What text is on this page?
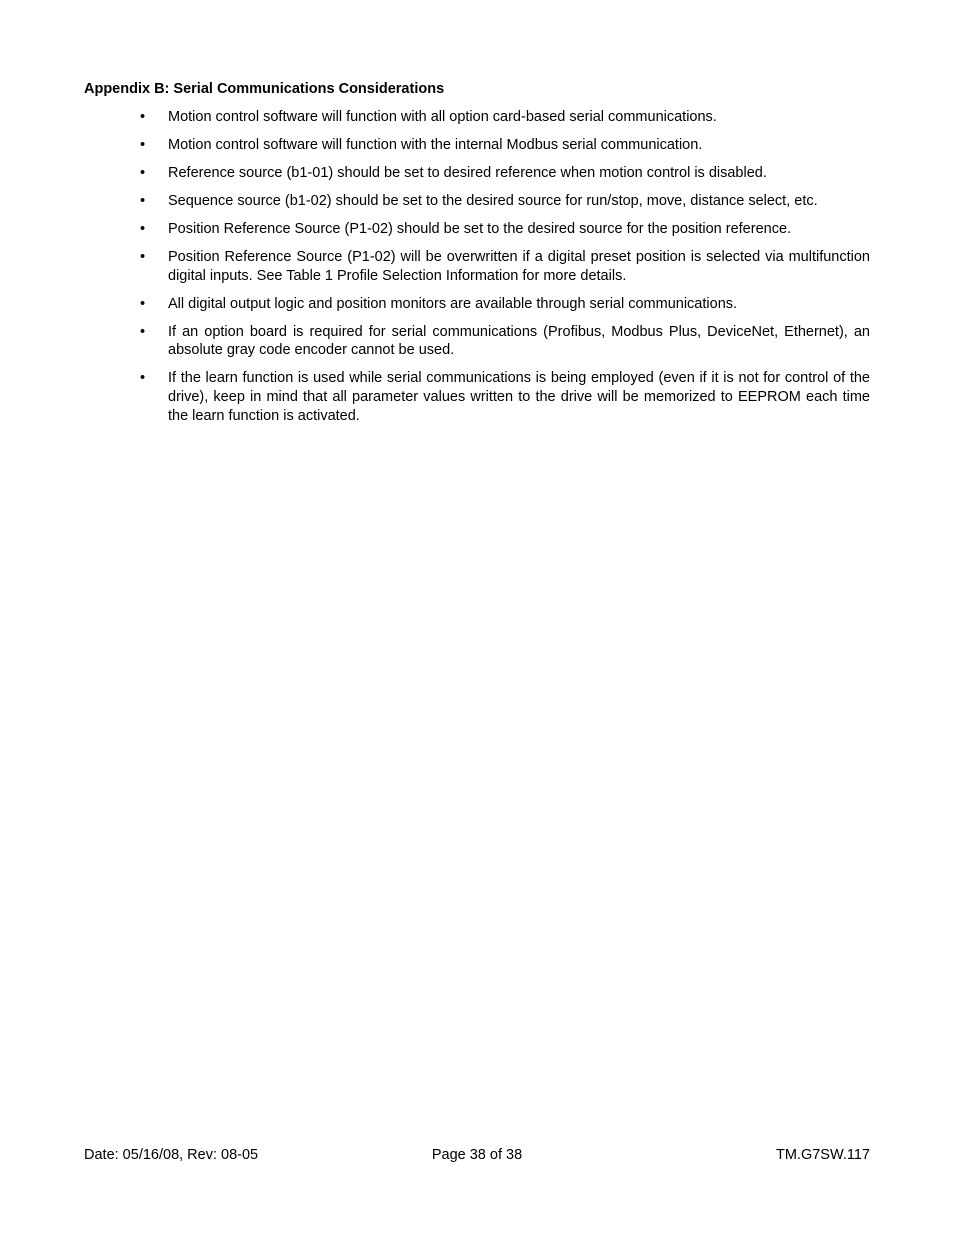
Appendix B: Serial Communications Considerations
•	Motion control software will function with all option card-based serial communications.
•	Motion control software will function with the internal Modbus serial communication.
•	Reference source (b1-01) should be set to desired reference when motion control is disabled.
•	Sequence source (b1-02) should be set to the desired source for run/stop, move, distance select, etc.
•	Position Reference Source (P1-02) should be set to the desired source for the position reference.
•	Position Reference Source (P1-02) will be overwritten if a digital preset position is selected via multifunction digital inputs. See Table 1 Profile Selection Information for more details.
•	All digital output logic and position monitors are available through serial communications.
•	If an option board is required for serial communications (Profibus, Modbus Plus, DeviceNet, Ethernet), an absolute gray code encoder cannot be used.
•	If the learn function is used while serial communications is being employed (even if it is not for control of the drive), keep in mind that all parameter values written to the drive will be memorized to EEPROM each time the learn function is activated.
Date: 05/16/08, Rev: 08-05	Page 38 of 38	TM.G7SW.117
